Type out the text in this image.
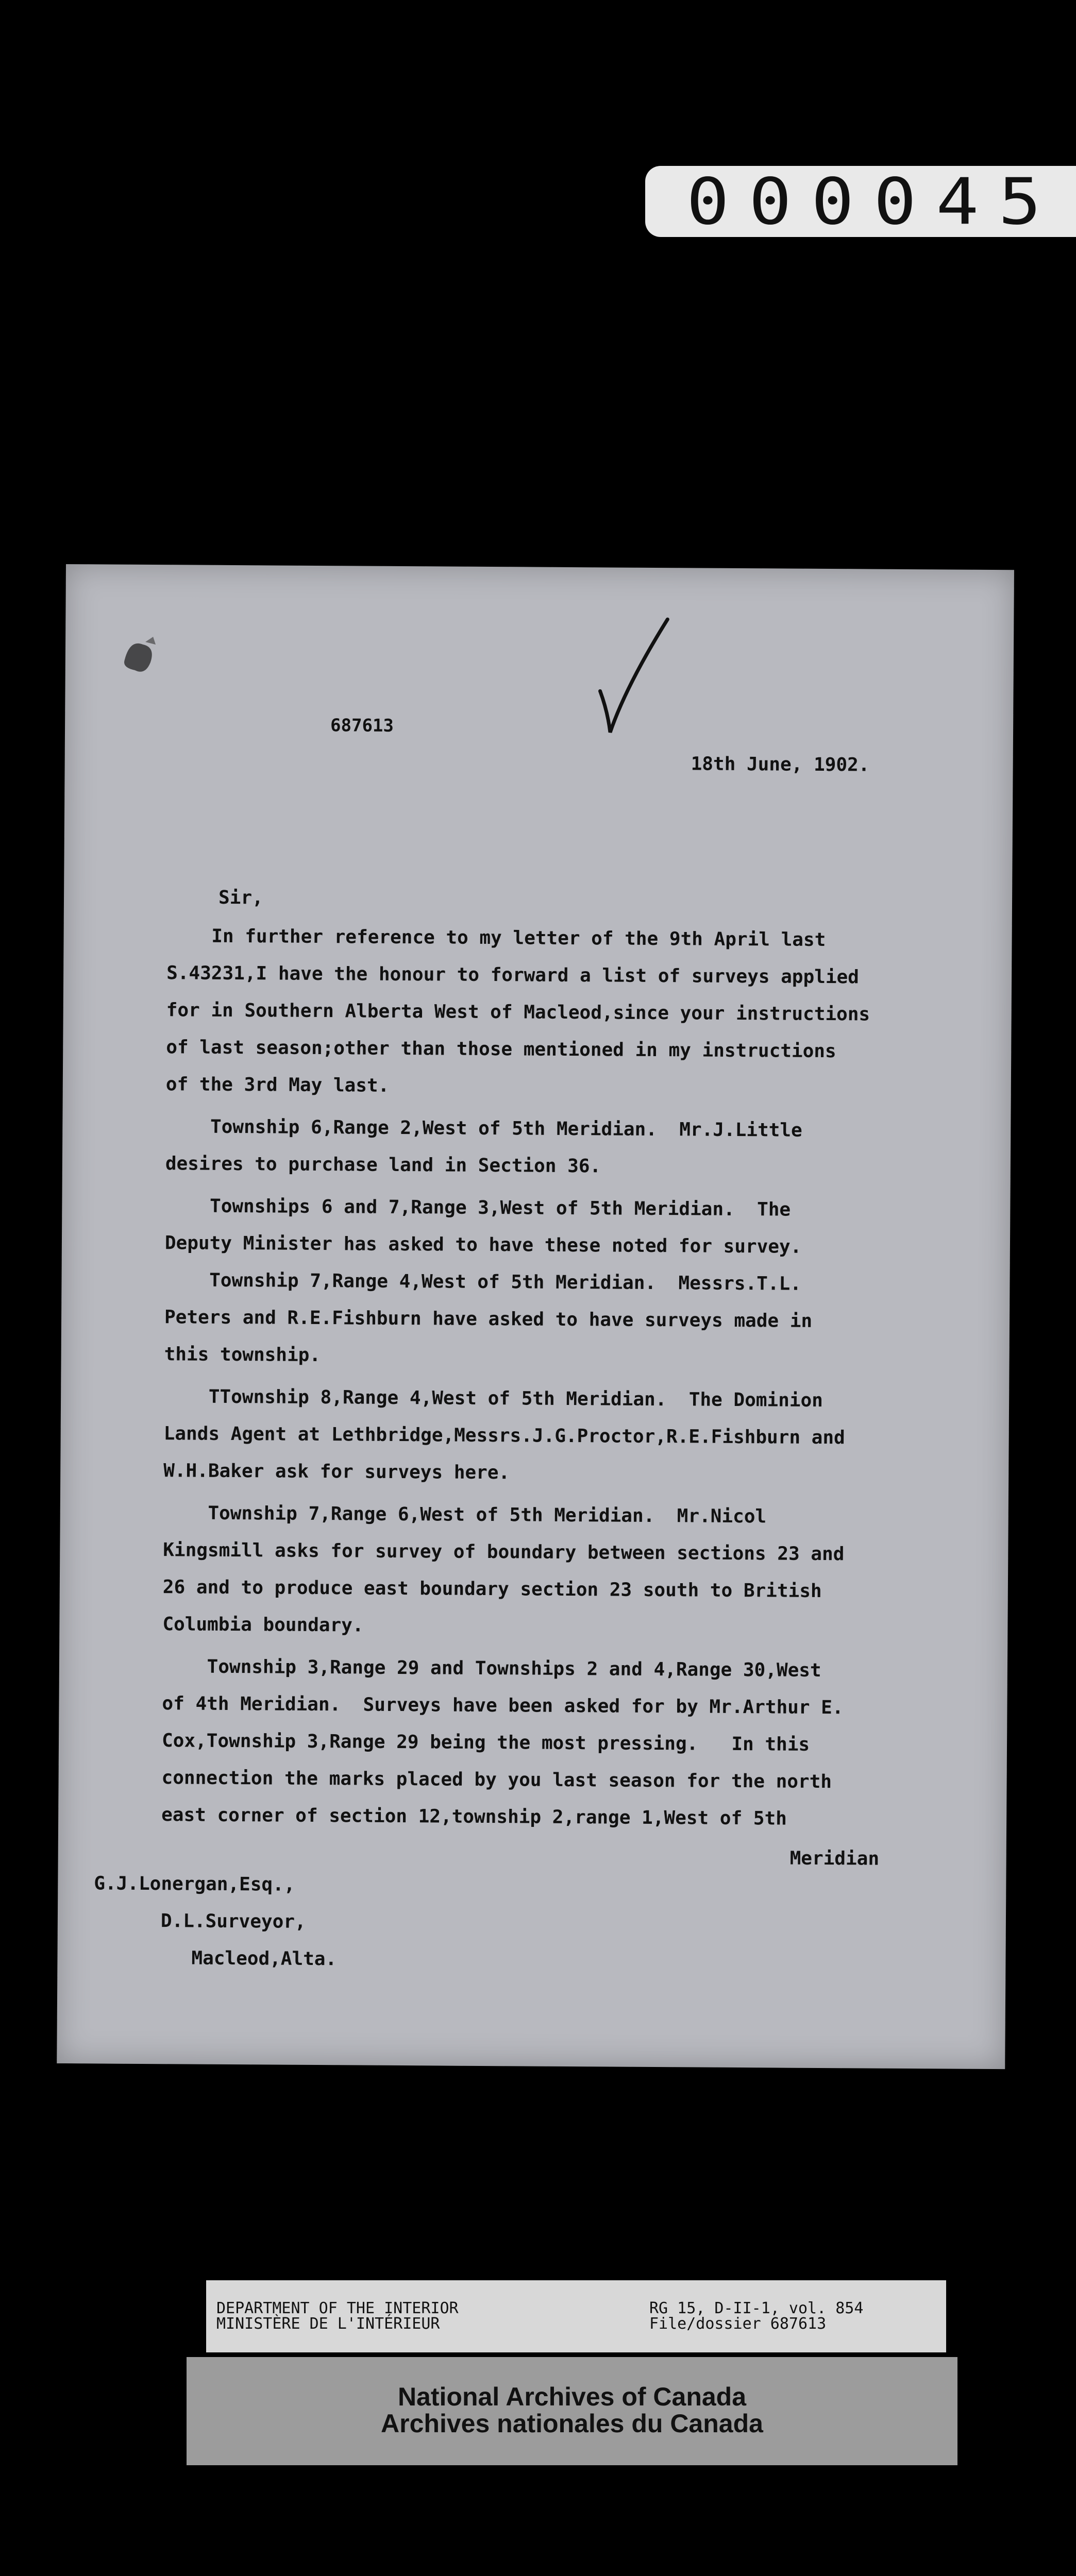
000045
687613
18th June, 1902.
Sir,
In further reference to my letter of the 9th April last
S.43231,I have the honour to forward a list of surveys applied
for in Southern Alberta West of Macleod,since your instructions
of last season;other than those mentioned in my instructions
of the 3rd May last.
Township 6,Range 2,West of 5th Meridian.  Mr.J.Little
desires to purchase land in Section 36.
Townships 6 and 7,Range 3,West of 5th Meridian.  The
Deputy Minister has asked to have these noted for survey.
Township 7,Range 4,West of 5th Meridian.  Messrs.T.L.
Peters and R.E.Fishburn have asked to have surveys made in
this township.
TTownship 8,Range 4,West of 5th Meridian.  The Dominion
Lands Agent at Lethbridge,Messrs.J.G.Proctor,R.E.Fishburn and
W.H.Baker ask for surveys here.
Township 7,Range 6,West of 5th Meridian.  Mr.Nicol
Kingsmill asks for survey of boundary between sections 23 and
26 and to produce east boundary section 23 south to British
Columbia boundary.
Township 3,Range 29 and Townships 2 and 4,Range 30,West
of 4th Meridian.  Surveys have been asked for by Mr.Arthur E.
Cox,Township 3,Range 29 being the most pressing.   In this
connection the marks placed by you last season for the north
east corner of section 12,township 2,range 1,West of 5th
Meridian
G.J.Lonergan,Esq.,
D.L.Surveyor,
Macleod,Alta.
DEPARTMENT OF THE INTERIOR
MINISTÈRE DE L'INTÉRIEUR
RG 15, D-II-1, vol. 854
File/dossier 687613
National Archives of Canada
Archives nationales du Canada
